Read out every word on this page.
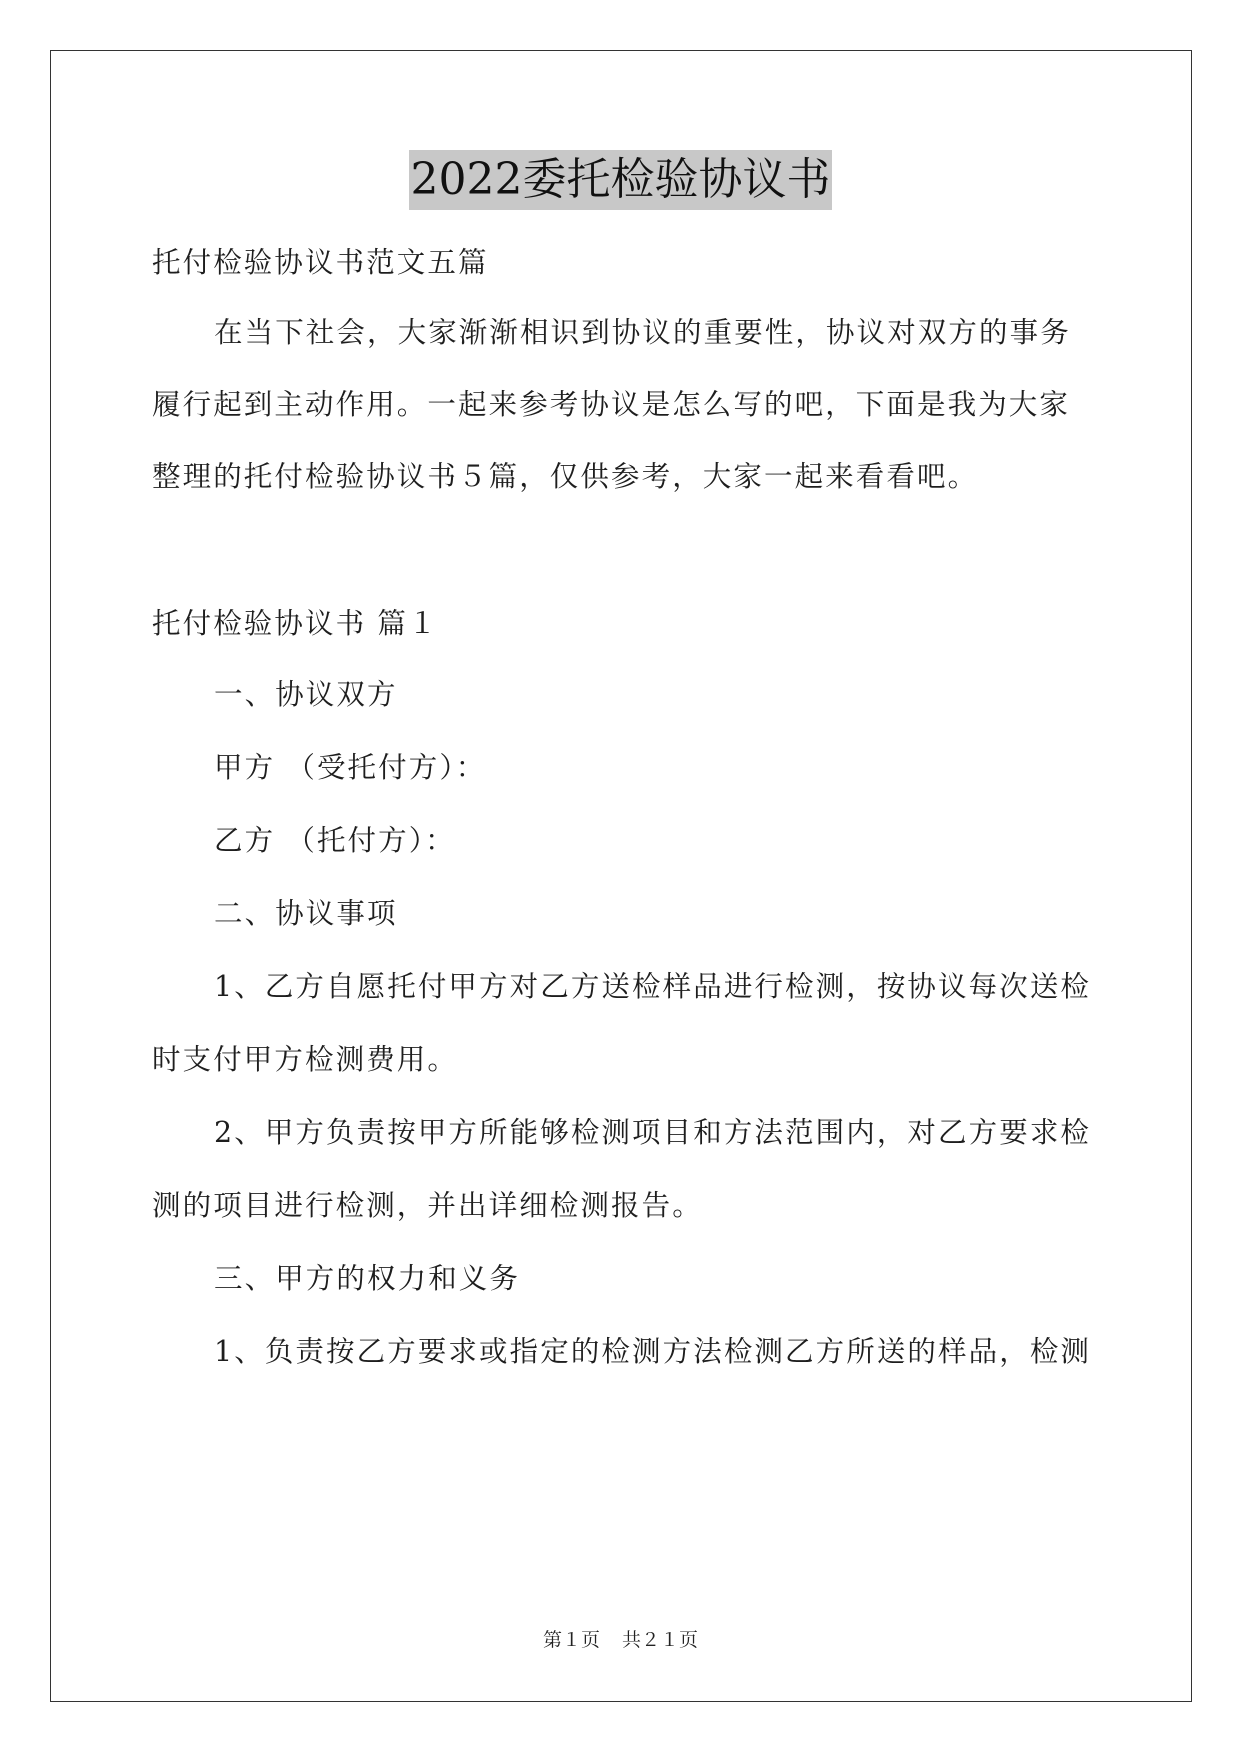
2022委托检验协议书
托付检验协议书范文五篇
在当下社会，大家渐渐相识到协议的重要性，协议对双方的事务
履行起到主动作用。一起来参考协议是怎么写的吧，下面是我为大家
整理的托付检验协议书５篇，仅供参考，大家一起来看看吧。
托付检验协议书 篇１
一、协议双方
甲方 （受托付方）：
乙方 （托付方）：
二、协议事项
1、乙方自愿托付甲方对乙方送检样品进行检测，按协议每次送检
时支付甲方检测费用。
2、甲方负责按甲方所能够检测项目和方法范围内，对乙方要求检
测的项目进行检测，并出详细检测报告。
三、甲方的权力和义务
1、负责按乙方要求或指定的检测方法检测乙方所送的样品，检测
第１页 共２１页
